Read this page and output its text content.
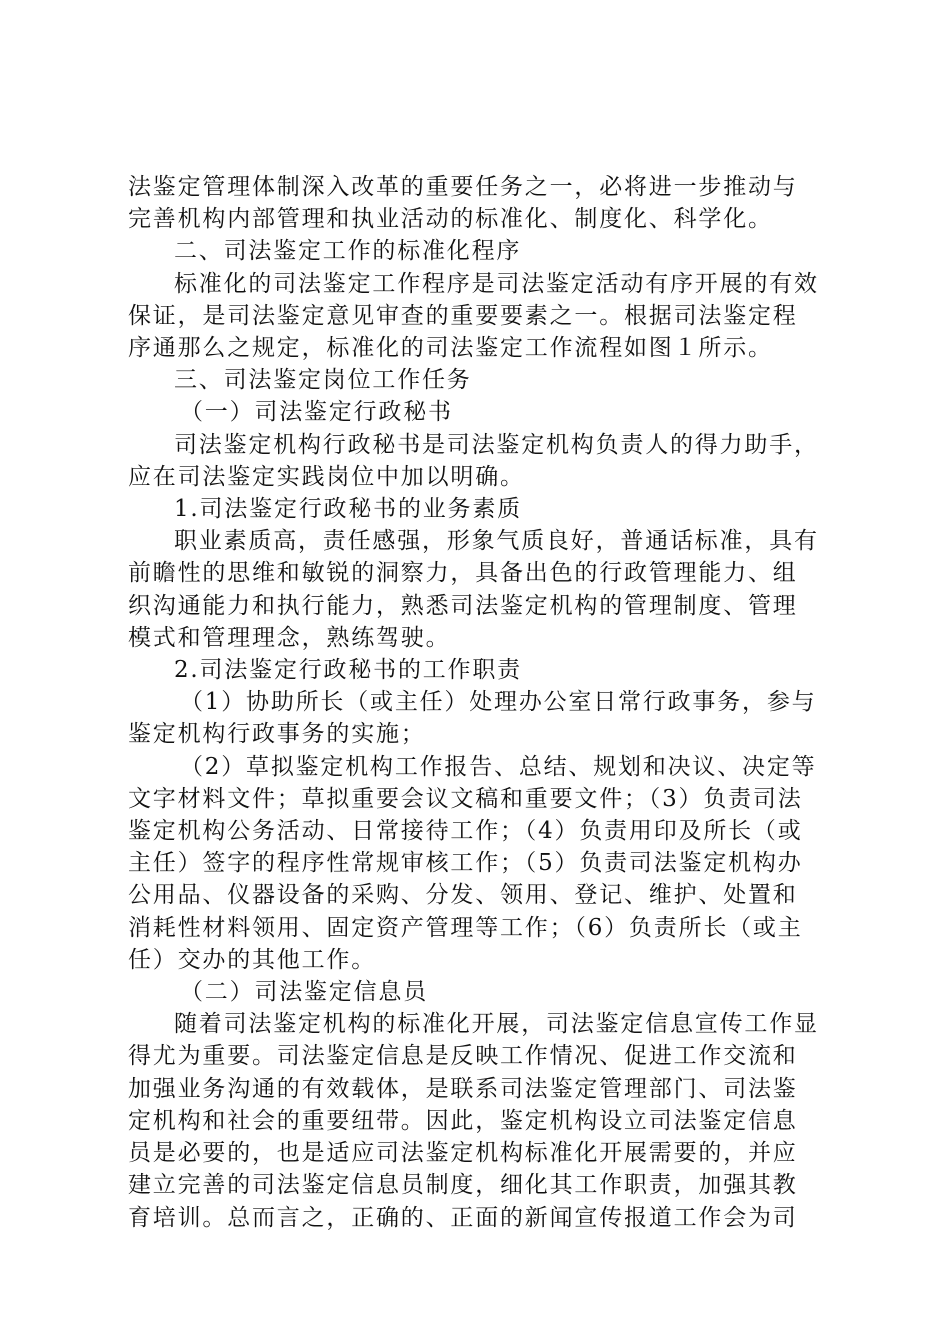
法鉴定管理体制深入改革的重要任务之一，必将进一步推动与
完善机构内部管理和执业活动的标准化、制度化、科学化。
二、司法鉴定工作的标准化程序
标准化的司法鉴定工作程序是司法鉴定活动有序开展的有效
保证，是司法鉴定意见审查的重要要素之一。根据司法鉴定程
序通那么之规定，标准化的司法鉴定工作流程如图１所示。
三、司法鉴定岗位工作任务
（一）司法鉴定行政秘书
司法鉴定机构行政秘书是司法鉴定机构负责人的得力助手，
应在司法鉴定实践岗位中加以明确。
1.司法鉴定行政秘书的业务素质
职业素质高，责任感强，形象气质良好，普通话标准，具有
前瞻性的思维和敏锐的洞察力，具备出色的行政管理能力、组
织沟通能力和执行能力，熟悉司法鉴定机构的管理制度、管理
模式和管理理念，熟练驾驶。
2.司法鉴定行政秘书的工作职责
（1）协助所长（或主任）处理办公室日常行政事务，参与
鉴定机构行政事务的实施；
（2）草拟鉴定机构工作报告、总结、规划和决议、决定等
文字材料文件；草拟重要会议文稿和重要文件；（3）负责司法
鉴定机构公务活动、日常接待工作；（4）负责用印及所长（或
主任）签字的程序性常规审核工作；（5）负责司法鉴定机构办
公用品、仪器设备的采购、分发、领用、登记、维护、处置和
消耗性材料领用、固定资产管理等工作；（6）负责所长（或主
任）交办的其他工作。
（二）司法鉴定信息员
随着司法鉴定机构的标准化开展，司法鉴定信息宣传工作显
得尤为重要。司法鉴定信息是反映工作情况、促进工作交流和
加强业务沟通的有效载体，是联系司法鉴定管理部门、司法鉴
定机构和社会的重要纽带。因此，鉴定机构设立司法鉴定信息
员是必要的，也是适应司法鉴定机构标准化开展需要的，并应
建立完善的司法鉴定信息员制度，细化其工作职责，加强其教
育培训。总而言之，正确的、正面的新闻宣传报道工作会为司
